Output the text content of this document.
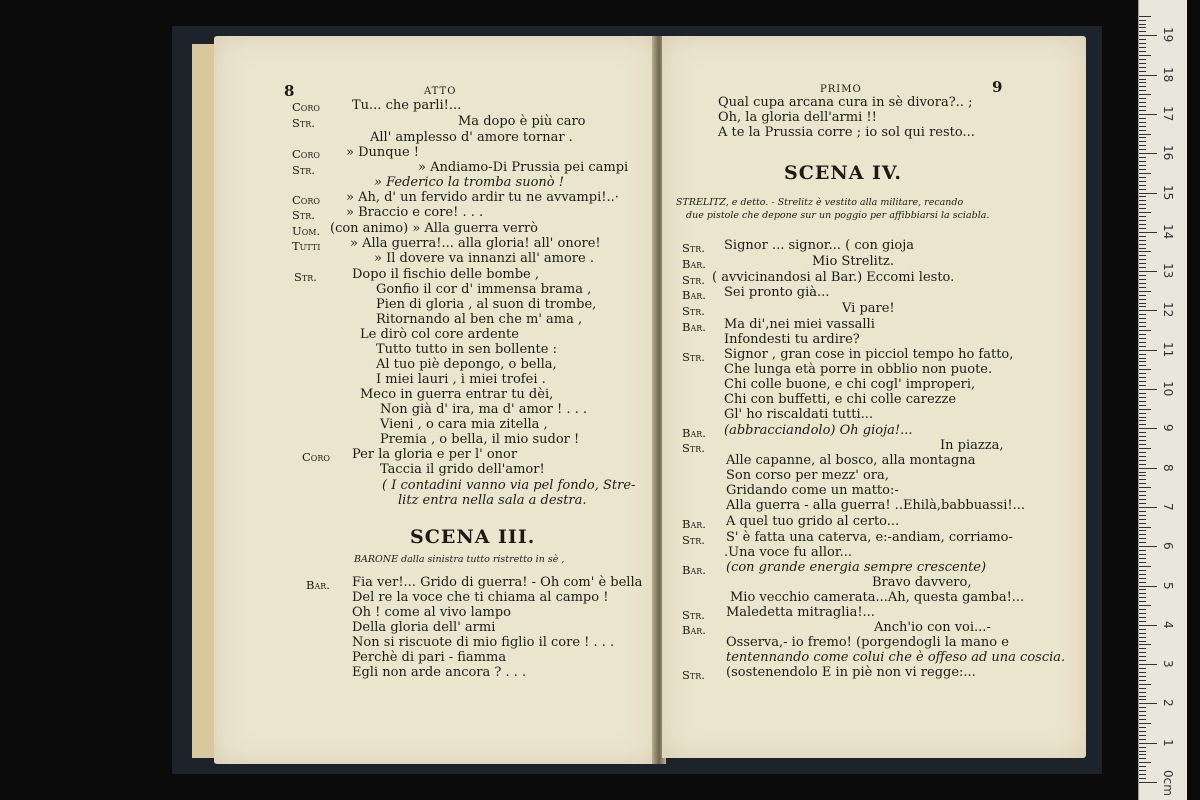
8	ATTO
Coro Tu... che parli!...
Str.	Ma dopo è più caro
All' amplesso d' amore tornar .
Coro » Dunque !
Str.	» Andiamo-Di Prussia pei campi
» Federico la tromba suonò !
Coro » Ah, d' un fervido ardir tu ne avvampi!..·
Str. » Braccio e core! . . .
Uom. (con animo) » Alla guerra verrò
Tutti » Alla guerra!... alla gloria! all' onore!
» Il dovere va innanzi all' amore .
Str.	Dopo il fischio delle bombe ,
Gonfio il cor d' immensa brama ,
Pien di gloria , al suon di trombe,
Ritornando al ben che m' ama ,
Le dirò col core ardente
Tutto tutto in sen bollente :
Al tuo piè depongo, o bella,
I miei lauri , i miei trofei .
Meco in guerra entrar tu dèi,
Non già d' ira, ma d' amor ! . . .
Vieni , o cara mia zitella ,
Premia , o bella, il mio sudor !
Coro Per la gloria e per l' onor
Taccia il grido dell'amor!
( I contadini vanno via pel fondo, Stre-
litz entra nella sala a destra.
SCENA III.
BARONE dalla sinistra tutto ristretto in sè ,
Bar. Fia ver!... Grido di guerra! - Oh com' è bella
Del re la voce che ti chiama al campo !
Oh ! come al vivo lampo
Della gloria dell' armi
Non si riscuote di mio figlio il core ! . . .
Perchè di pari - fiamma
Egli non arde ancora ? . . .
PRIMO	9
Qual cupa arcana cura in sè divora?.. ;
Oh, la gloria dell'armi !!
A te la Prussia corre ; io sol qui resto...
SCENA IV.
STRELITZ, e detto. - Strelitz è vestito alla militare, recando
due pistole che depone sur un poggio per affibbiarsi la sciabla.
Str. Signor ... signor... ( con gioja
Bar.	Mio Strelitz.
Str. ( avvicinandosi al Bar.) Eccomi lesto.
Bar. Sei pronto già...
Str.	Vi pare!
Bar. Ma di',nei miei vassalli
Infondesti tu ardire?
Str. Signor , gran cose in picciol tempo ho fatto,
Che lunga età porre in obblio non puote.
Chi colle buone, e chi cogl' improperi,
Chi con buffetti, e chi colle carezze
Gl' ho riscaldati tutti...
Bar. (abbracciandolo) Oh gioja!...
Str.	In piazza,
Alle capanne, al bosco, alla montagna
Son corso per mezz' ora,
Gridando come un matto:-
Alla guerra - alla guerra! ..Ehilà,babbuassi!...
Bar. A quel tuo grido al certo...
Str. S' è fatta una caterva, e:-andiam, corriamo-
.Una voce fu allor...
Bar. (con grande energia sempre crescente)
Bravo davvero,
Mio vecchio camerata...Ah, questa gamba!...
Str. Maledetta mitraglia!...
Bar.	Anch'io con voi...-
Osserva,- io fremo! (porgendogli la mano e
tentennando come colui che è offeso ad una coscia.
Str. (sostenendolo E in piè non vi regge:...
0cm
1
2
3
4
5
6
7
8
9
10
11
12
13
14
15
16
17
18
19
